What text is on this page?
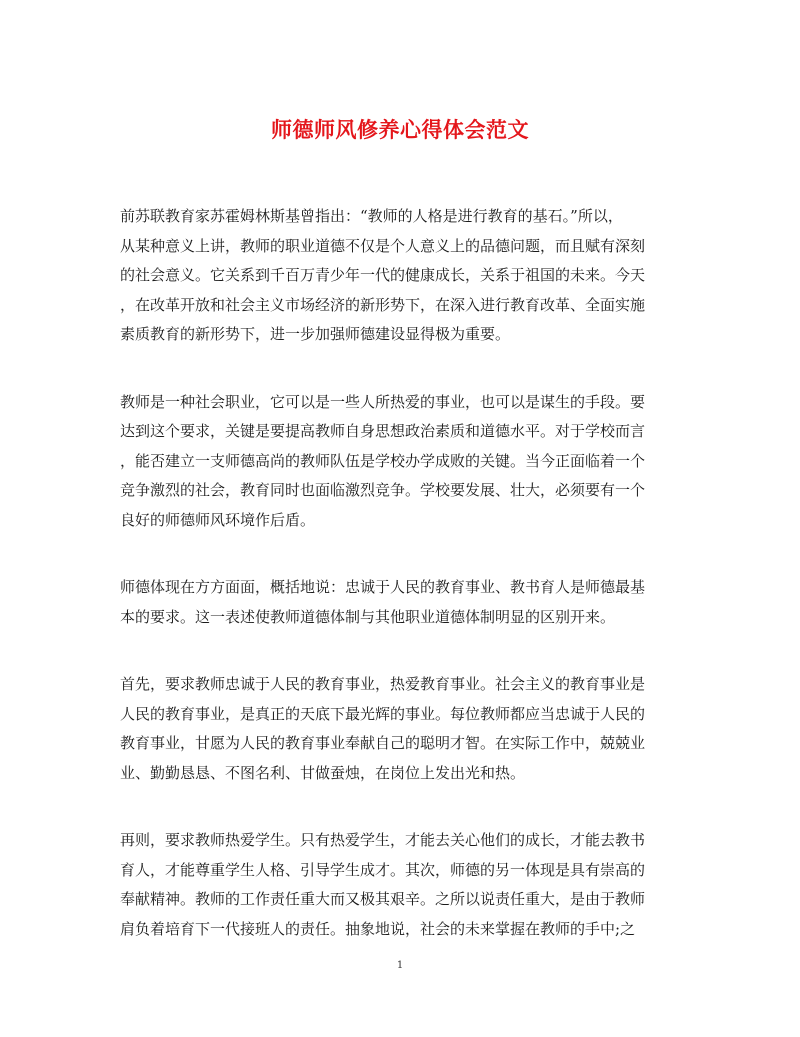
师德师风修养心得体会范文
前苏联教育家苏霍姆林斯基曾指出：“教师的人格是进行教育的基石。”所以，
从某种意义上讲，教师的职业道德不仅是个人意义上的品德问题，而且赋有深刻
的社会意义。它关系到千百万青少年一代的健康成长，关系于祖国的未来。今天
，在改革开放和社会主义市场经济的新形势下，在深入进行教育改革、全面实施
素质教育的新形势下，进一步加强师德建设显得极为重要。
教师是一种社会职业，它可以是一些人所热爱的事业，也可以是谋生的手段。要
达到这个要求，关键是要提高教师自身思想政治素质和道德水平。对于学校而言
，能否建立一支师德高尚的教师队伍是学校办学成败的关键。当今正面临着一个
竞争激烈的社会，教育同时也面临激烈竞争。学校要发展、壮大，必须要有一个
良好的师德师风环境作后盾。
师德体现在方方面面，概括地说：忠诚于人民的教育事业、教书育人是师德最基
本的要求。这一表述使教师道德体制与其他职业道德体制明显的区别开来。
首先，要求教师忠诚于人民的教育事业，热爱教育事业。社会主义的教育事业是
人民的教育事业，是真正的天底下最光辉的事业。每位教师都应当忠诚于人民的
教育事业，甘愿为人民的教育事业奉献自己的聪明才智。在实际工作中，兢兢业
业、勤勤恳恳、不图名利、甘做蚕烛，在岗位上发出光和热。
再则，要求教师热爱学生。只有热爱学生，才能去关心他们的成长，才能去教书
育人，才能尊重学生人格、引导学生成才。其次，师德的另一体现是具有崇高的
奉献精神。教师的工作责任重大而又极其艰辛。之所以说责任重大，是由于教师
肩负着培育下一代接班人的责任。抽象地说，社会的未来掌握在教师的手中;之
1
